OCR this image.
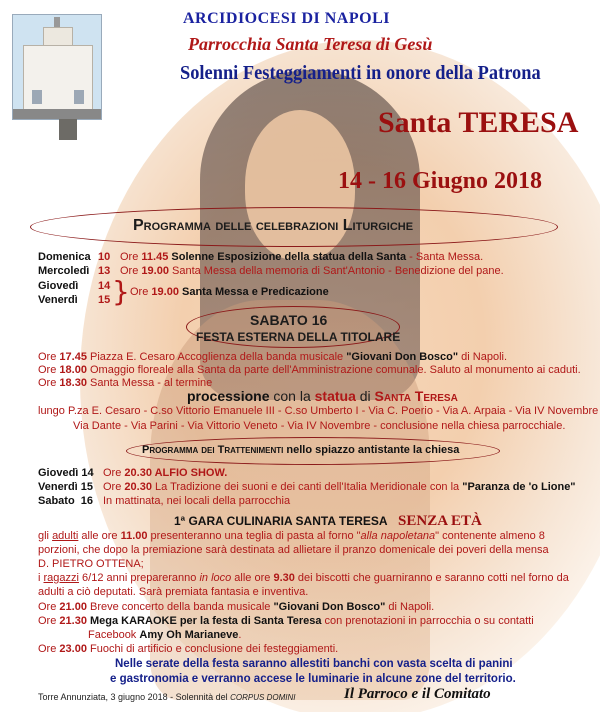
ARCIDIOCESI DI NAPOLI
Parrocchia Santa Teresa di Gesù
Solenni Festeggiamenti in onore della Patrona
Santa TERESA
14 - 16 Giugno 2018
Programma delle celebrazioni Liturgiche
Domenica 10 Ore 11.45 Solenne Esposizione della statua della Santa - Santa Messa.
Mercoledì 13 Ore 19.00 Santa Messa della memoria di Sant'Antonio - Benedizione del pane.
Giovedì 14
Venerdì 15 } Ore 19.00 Santa Messa e Predicazione
SABATO 16
FESTA ESTERNA DELLA TITOLARE
Ore 17.45 Piazza E. Cesaro Accoglienza della banda musicale "Giovani Don Bosco" di Napoli.
Ore 18.00 Omaggio floreale alla Santa da parte dell'Amministrazione comunale. Saluto al monumento ai caduti.
Ore 18.30 Santa Messa - al termine
processione con la statua di Santa Teresa
lungo P.za E. Cesaro - C.so Vittorio Emanuele III - C.so Umberto I - Via C. Poerio - Via A. Arpaia - Via IV Novembre
Via Dante - Via Parini - Via Vittorio Veneto - Via IV Novembre - conclusione nella chiesa parrocchiale.
Programma dei Trattenimenti nello spiazzo antistante la chiesa
Giovedì 14 Ore 20.30 ALFIO SHOW.
Venerdì 15 Ore 20.30 La Tradizione dei suoni e dei canti dell'Italia Meridionale con la "Paranza de 'o Lione"
Sabato  16 In mattinata, nei locali della parrocchia
1ª GARA CULINARIA SANTA TERESA SENZA ETÀ
gli adulti alle ore 11.00 presenteranno una teglia di pasta al forno "alla napoletana" contenente almeno 8
porzioni, che dopo la premiazione sarà destinata ad allietare il pranzo domenicale dei poveri della mensa
D. PIETRO OTTENA;
i ragazzi 6/12 anni prepareranno in loco alle ore 9.30 dei biscotti che guarniranno e saranno cotti nel forno da
adulti a ciò deputati. Sarà premiata fantasia e inventiva.
Ore 21.00 Breve concerto della banda musicale "Giovani Don Bosco" di Napoli.
Ore 21.30 Mega KARAOKE per la festa di Santa Teresa con prenotazioni in parrocchia o su contatti
Facebook Amy Oh Marianeve.
Ore 23.00 Fuochi di artificio e conclusione dei festeggiamenti.
Nelle serate della festa saranno allestiti banchi con vasta scelta di panini
e gastronomia e verranno accese le luminarie in alcune zone del territorio.
Torre Annunziata, 3 giugno 2018 - Solennità del CORPUS DOMINI	Il Parroco e il Comitato
